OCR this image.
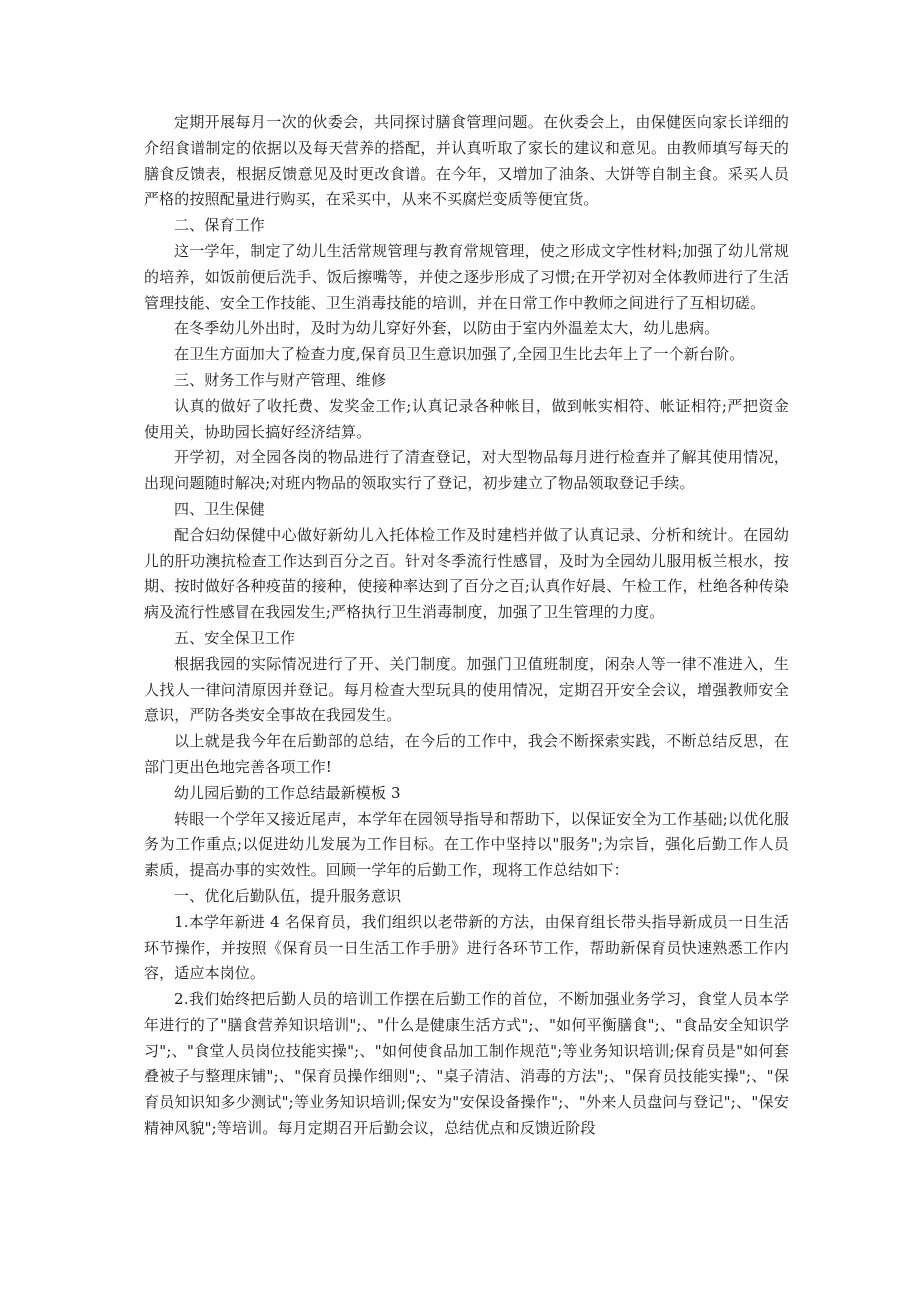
定期开展每月一次的伙委会，共同探讨膳食管理问题。在伙委会上，由保健医向家长详细的介绍食谱制定的依据以及每天营养的搭配，并认真听取了家长的建议和意见。由教师填写每天的膳食反馈表，根据反馈意见及时更改食谱。在今年，又增加了油条、大饼等自制主食。采买人员严格的按照配量进行购买，在采买中，从来不买腐烂变质等便宜货。

二、保育工作

这一学年，制定了幼儿生活常规管理与教育常规管理，使之形成文字性材料;加强了幼儿常规的培养，如饭前便后洗手、饭后擦嘴等，并使之逐步形成了习惯;在开学初对全体教师进行了生活管理技能、安全工作技能、卫生消毒技能的培训，并在日常工作中教师之间进行了互相切磋。

在冬季幼儿外出时，及时为幼儿穿好外套，以防由于室内外温差太大，幼儿患病。

在卫生方面加大了检查力度,保育员卫生意识加强了,全园卫生比去年上了一个新台阶。

三、财务工作与财产管理、维修

认真的做好了收托费、发奖金工作;认真记录各种帐目，做到帐实相符、帐证相符;严把资金使用关，协助园长搞好经济结算。

开学初，对全园各岗的物品进行了清查登记，对大型物品每月进行检查并了解其使用情况，出现问题随时解决;对班内物品的领取实行了登记，初步建立了物品领取登记手续。

四、卫生保健

配合妇幼保健中心做好新幼儿入托体检工作及时建档并做了认真记录、分析和统计。在园幼儿的肝功澳抗检查工作达到百分之百。针对冬季流行性感冒，及时为全园幼儿服用板兰根水，按期、按时做好各种疫苗的接种，使接种率达到了百分之百;认真作好晨、午检工作，杜绝各种传染病及流行性感冒在我园发生;严格执行卫生消毒制度，加强了卫生管理的力度。

五、安全保卫工作

根据我园的实际情况进行了开、关门制度。加强门卫值班制度，闲杂人等一律不准进入，生人找人一律问清原因并登记。每月检查大型玩具的使用情况，定期召开安全会议，增强教师安全意识，严防各类安全事故在我园发生。

以上就是我今年在后勤部的总结，在今后的工作中，我会不断探索实践，不断总结反思，在部门更出色地完善各项工作!

幼儿园后勤的工作总结最新模板 3

转眼一个学年又接近尾声，本学年在园领导指导和帮助下，以保证安全为工作基础;以优化服务为工作重点;以促进幼儿发展为工作目标。在工作中坚持以"服务";为宗旨，强化后勤工作人员素质，提高办事的实效性。回顾一学年的后勤工作，现将工作总结如下：

一、优化后勤队伍，提升服务意识

1.本学年新进 4 名保育员，我们组织以老带新的方法，由保育组长带头指导新成员一日生活环节操作，并按照《保育员一日生活工作手册》进行各环节工作，帮助新保育员快速熟悉工作内容，适应本岗位。

2.我们始终把后勤人员的培训工作摆在后勤工作的首位，不断加强业务学习，食堂人员本学年进行的了"膳食营养知识培训";、"什么是健康生活方式";、"如何平衡膳食";、"食品安全知识学习";、"食堂人员岗位技能实操";、"如何使食品加工制作规范";等业务知识培训;保育员是"如何套叠被子与整理床铺";、"保育员操作细则";、"桌子清洁、消毒的方法";、"保育员技能实操";、"保育员知识知多少测试";等业务知识培训;保安为"安保设备操作";、"外来人员盘问与登记";、"保安精神风貌";等培训。每月定期召开后勤会议，总结优点和反馈近阶段
